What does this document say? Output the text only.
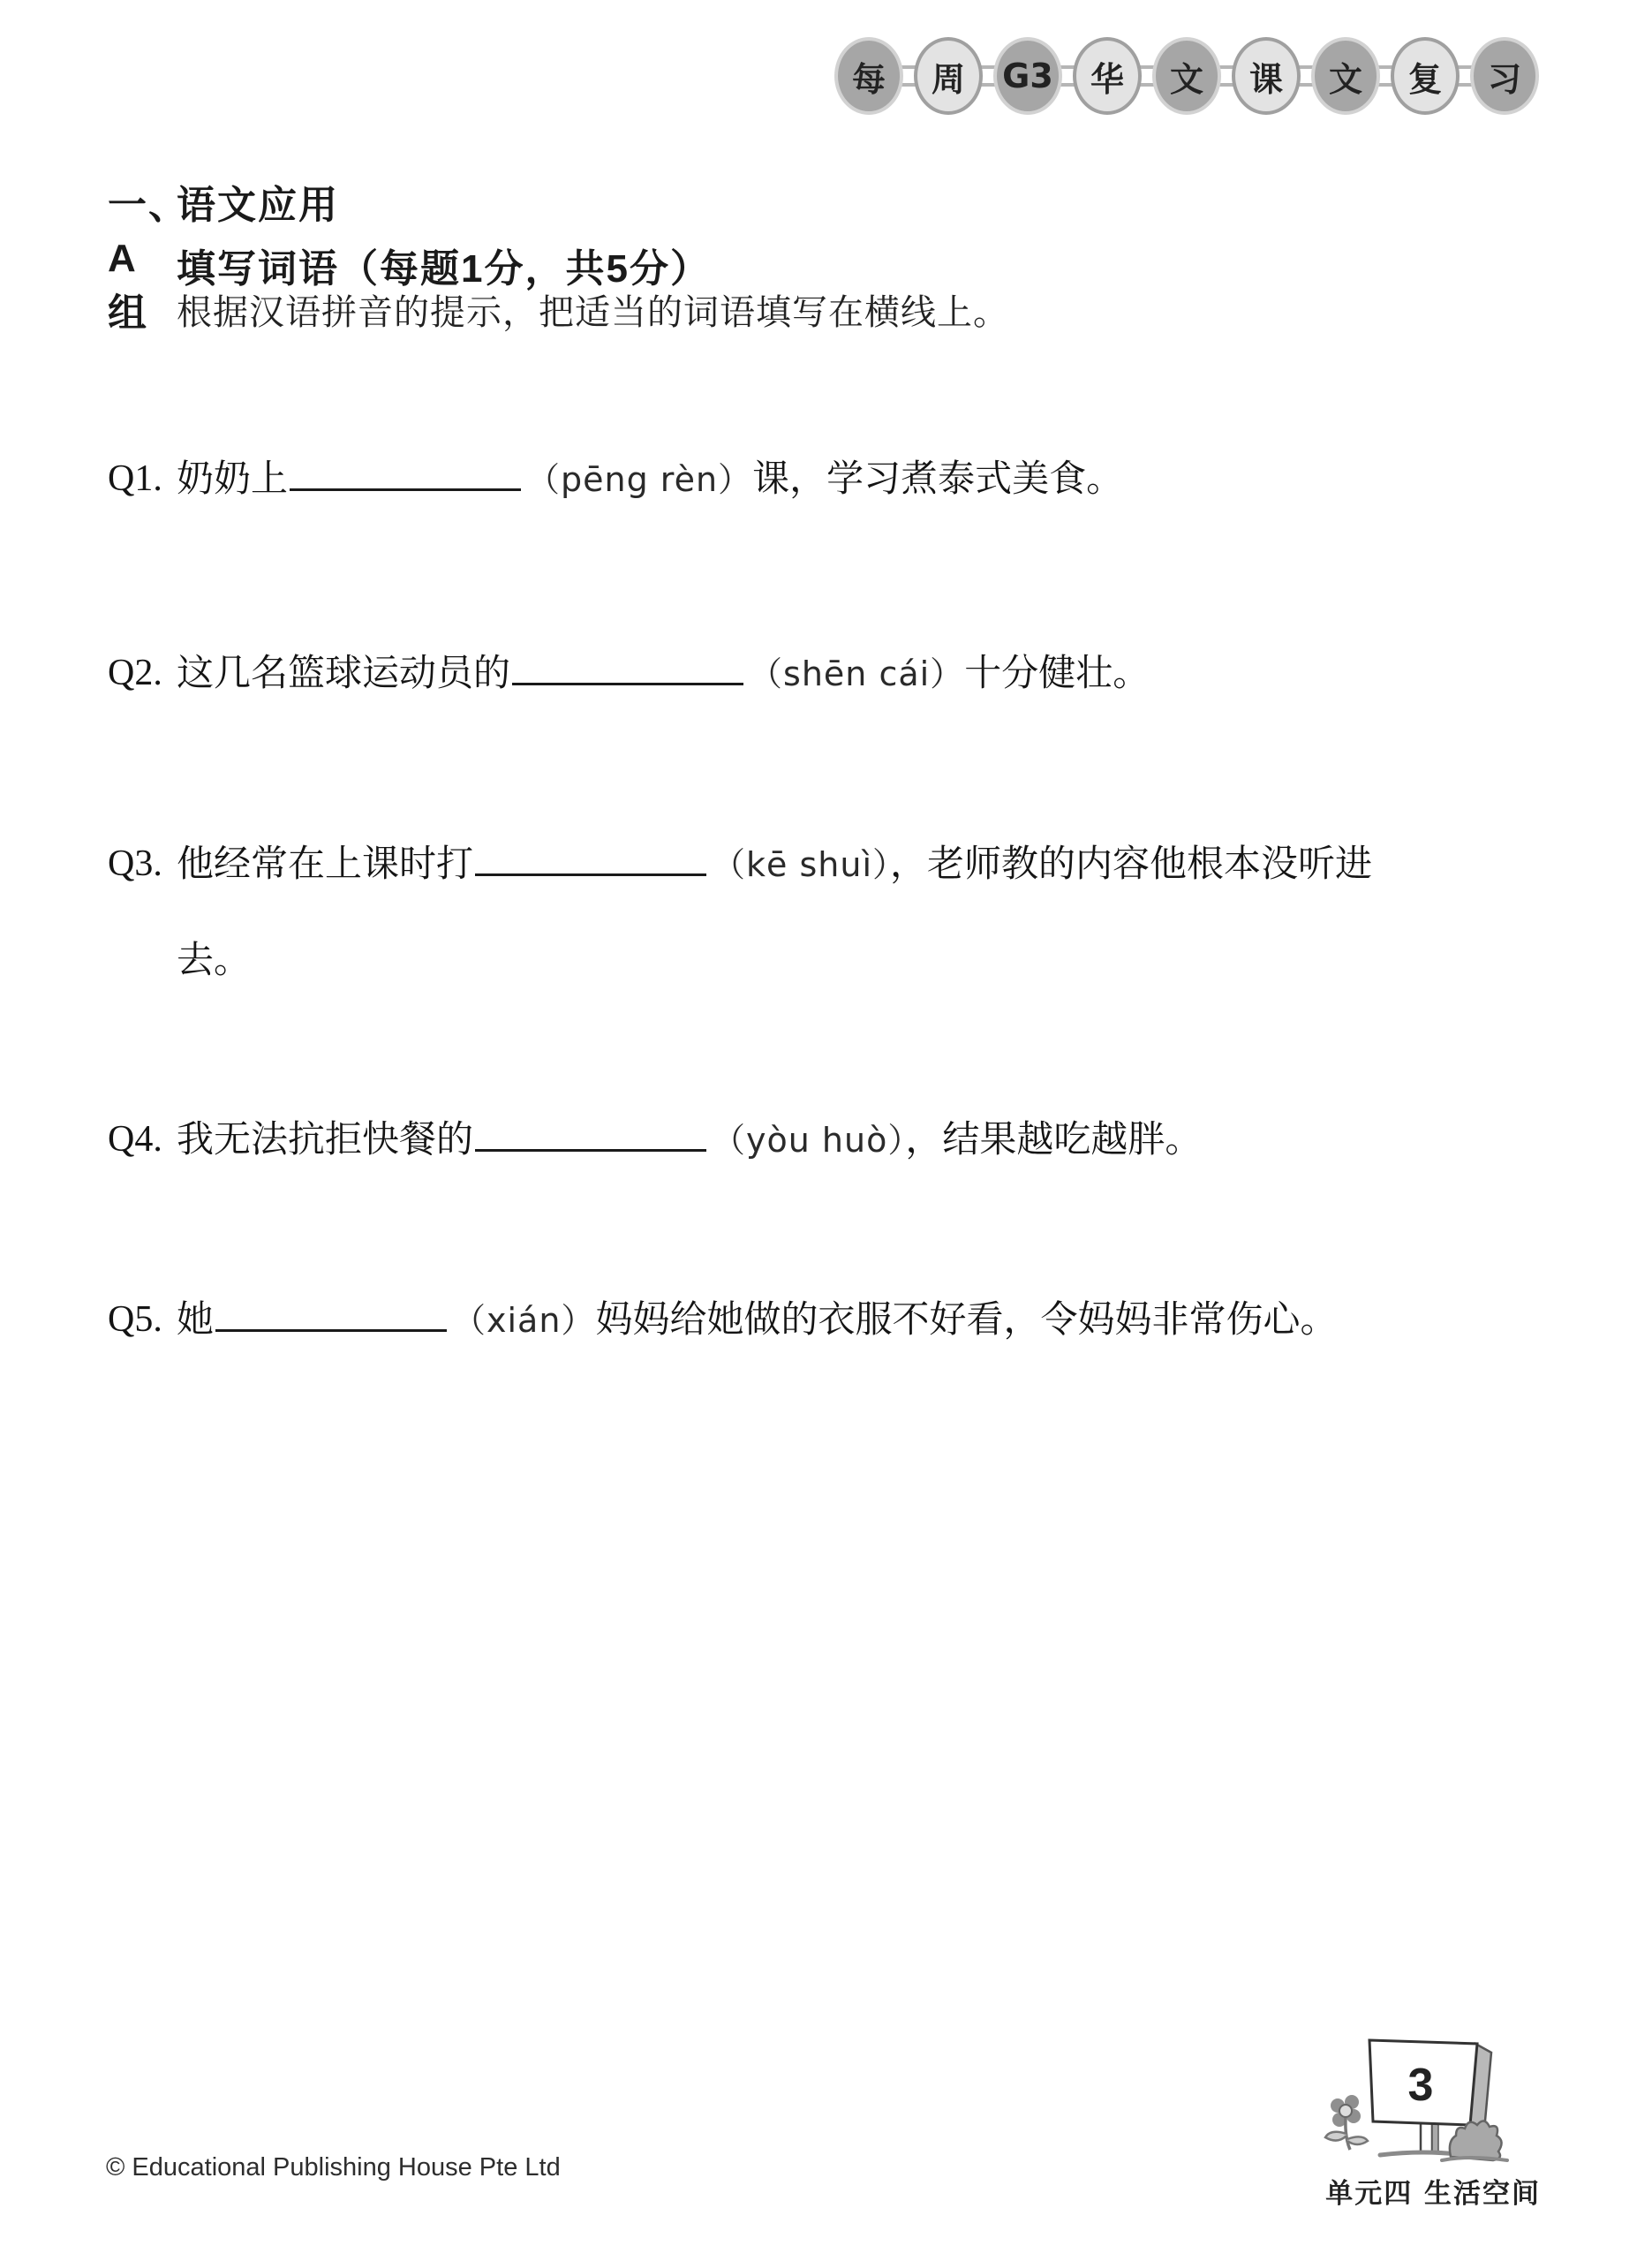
每	周	G3	华	文	课	文	复	习
一、
语文应用
A组
填写词语（每题1分，共5分）
根据汉语拼音的提示，把适当的词语填写在横线上。
Q1. 奶奶上	（pēng rèn）课，学习煮泰式美食。
Q2. 这几名篮球运动员的	（shēn cái）十分健壮。
Q3. 他经常在上课时打	（kē shuì），老师教的内容他根本没听进去。
Q4. 我无法抗拒快餐的	（yòu huò），结果越吃越胖。
Q5. 她	（xián）妈妈给她做的衣服不好看，令妈妈非常伤心。
© Educational Publishing House Pte Ltd
3
单元四 生活空间
